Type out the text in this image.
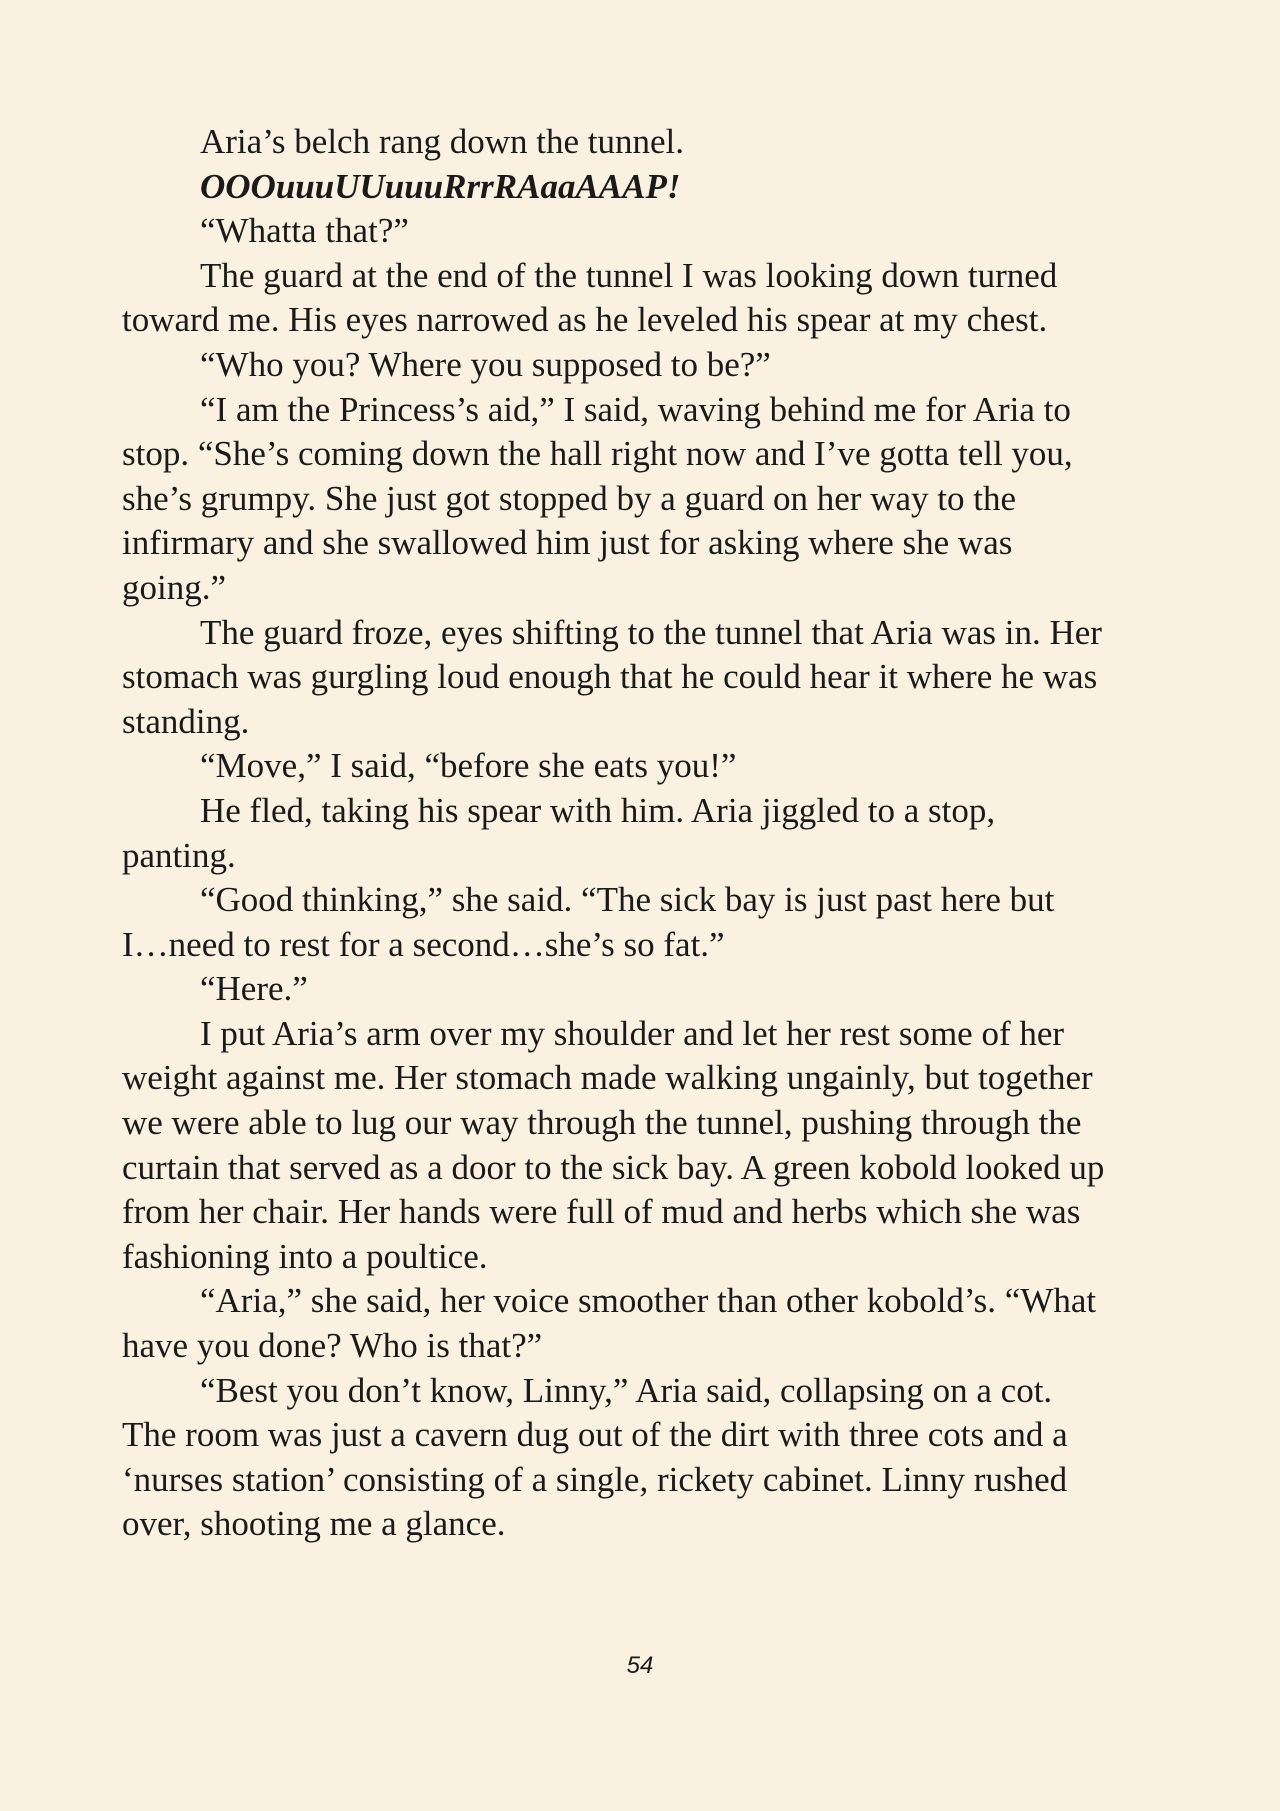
Aria’s belch rang down the tunnel.

OOOuuuUUuuuRrrRAaaAAAP!

“Whatta that?”

The guard at the end of the tunnel I was looking down turned

toward me. His eyes narrowed as he leveled his spear at my chest.

“Who you? Where you supposed to be?”

“I am the Princess’s aid,” I said, waving behind me for Aria to

stop. “She’s coming down the hall right now and I’ve gotta tell you,

she’s grumpy. She just got stopped by a guard on her way to the

infirmary and she swallowed him just for asking where she was

going.”

The guard froze, eyes shifting to the tunnel that Aria was in. Her

stomach was gurgling loud enough that he could hear it where he was

standing.

“Move,” I said, “before she eats you!”

He fled, taking his spear with him. Aria jiggled to a stop,

panting.

“Good thinking,” she said. “The sick bay is just past here but

I…need to rest for a second…she’s so fat.”

“Here.”

I put Aria’s arm over my shoulder and let her rest some of her

weight against me. Her stomach made walking ungainly, but together

we were able to lug our way through the tunnel, pushing through the

curtain that served as a door to the sick bay. A green kobold looked up

from her chair. Her hands were full of mud and herbs which she was

fashioning into a poultice.

“Aria,” she said, her voice smoother than other kobold’s. “What

have you done? Who is that?”

“Best you don’t know, Linny,” Aria said, collapsing on a cot.

The room was just a cavern dug out of the dirt with three cots and a

‘nurses station’ consisting of a single, rickety cabinet. Linny rushed

over, shooting me a glance.

54
